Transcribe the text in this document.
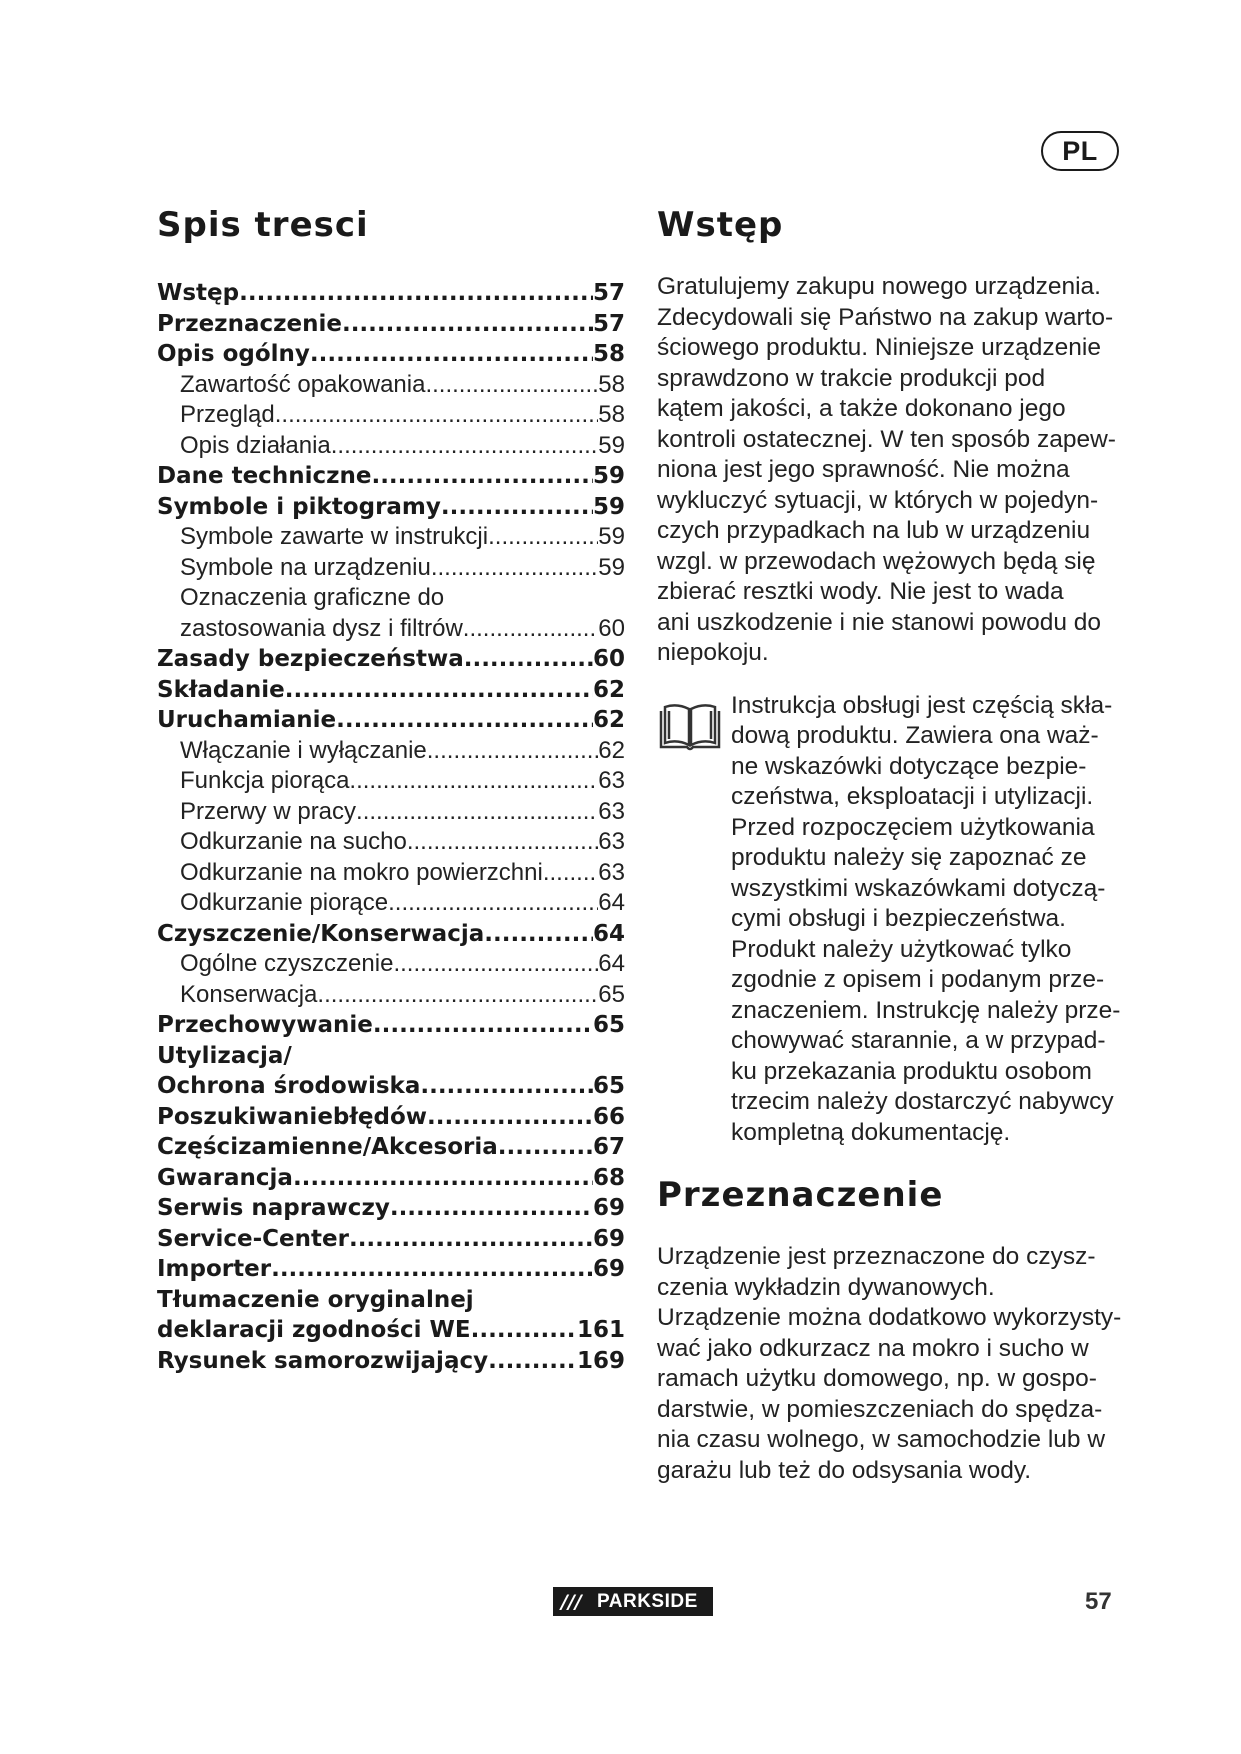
PL
Spis tresci
Wstęp .....	57
Przeznaczenie .....	57
Opis ogólny .....	58
Zawartość opakowania .....	58
Przegląd .....	58
Opis działania .....	59
Dane techniczne .....	59
Symbole i piktogramy .....	59
Symbole zawarte w instrukcji .....	59
Symbole na urządzeniu .....	59
Oznaczenia graficzne do
zastosowania dysz i filtrów .....	60
Zasady bezpieczeństwa .....	60
Składanie .....	62
Uruchamianie .....	62
Włączanie i wyłączanie .....	62
Funkcja piorąca .....	63
Przerwy w pracy .....	63
Odkurzanie na sucho .....	63
Odkurzanie na mokro powierzchni ..... 63
Odkurzanie piorące .....	64
Czyszczenie/Konserwacja .....	64
Ogólne czyszczenie .....	64
Konserwacja .....	65
Przechowywanie .....	65
Utylizacja/
Ochrona środowiska .....	65
Poszukiwaniebłędów .....	66
Częścizamienne/Akcesoria .....	67
Gwarancja .....	68
Serwis naprawczy .....	69
Service-Center .....	69
Importer .....	69
Tłumaczenie oryginalnej
deklaracji zgodności WE .....	161
Rysunek samorozwijający .....	169
Wstęp

Gratulujemy zakupu nowego urządzenia.
Zdecydowali się Państwo na zakup warto-
ściowego produktu. Niniejsze urządzenie
sprawdzono w trakcie produkcji pod
kątem jakości, a także dokonano jego
kontroli ostatecznej. W ten sposób zapew-
niona jest jego sprawność. Nie można
wykluczyć sytuacji, w których w pojedyn-
czych przypadkach na lub w urządzeniu
wzgl. w przewodach wężowych będą się
zbierać resztki wody. Nie jest to wada
ani uszkodzenie i nie stanowi powodu do
niepokoju.

Instrukcja obsługi jest częścią skła-
dową produktu. Zawiera ona waż-
ne wskazówki dotyczące bezpie-
czeństwa, eksploatacji i utylizacji.
Przed rozpoczęciem użytkowania
produktu należy się zapoznać ze
wszystkimi wskazówkami dotyczą-
cymi obsługi i bezpieczeństwa.
Produkt należy użytkować tylko
zgodnie z opisem i podanym prze-
znaczeniem. Instrukcję należy prze-
chowywać starannie, a w przypad-
ku przekazania produktu osobom
trzecim należy dostarczyć nabywcy
kompletną dokumentację.

Przeznaczenie

Urządzenie jest przeznaczone do czysz-
czenia wykładzin dywanowych.
Urządzenie można dodatkowo wykorzysty-
wać jako odkurzacz na mokro i sucho w
ramach użytku domowego, np. w gospo-
darstwie, w pomieszczeniach do spędza-
nia czasu wolnego, w samochodzie lub w
garażu lub też do odsysania wody.

/// PARKSIDE	57
